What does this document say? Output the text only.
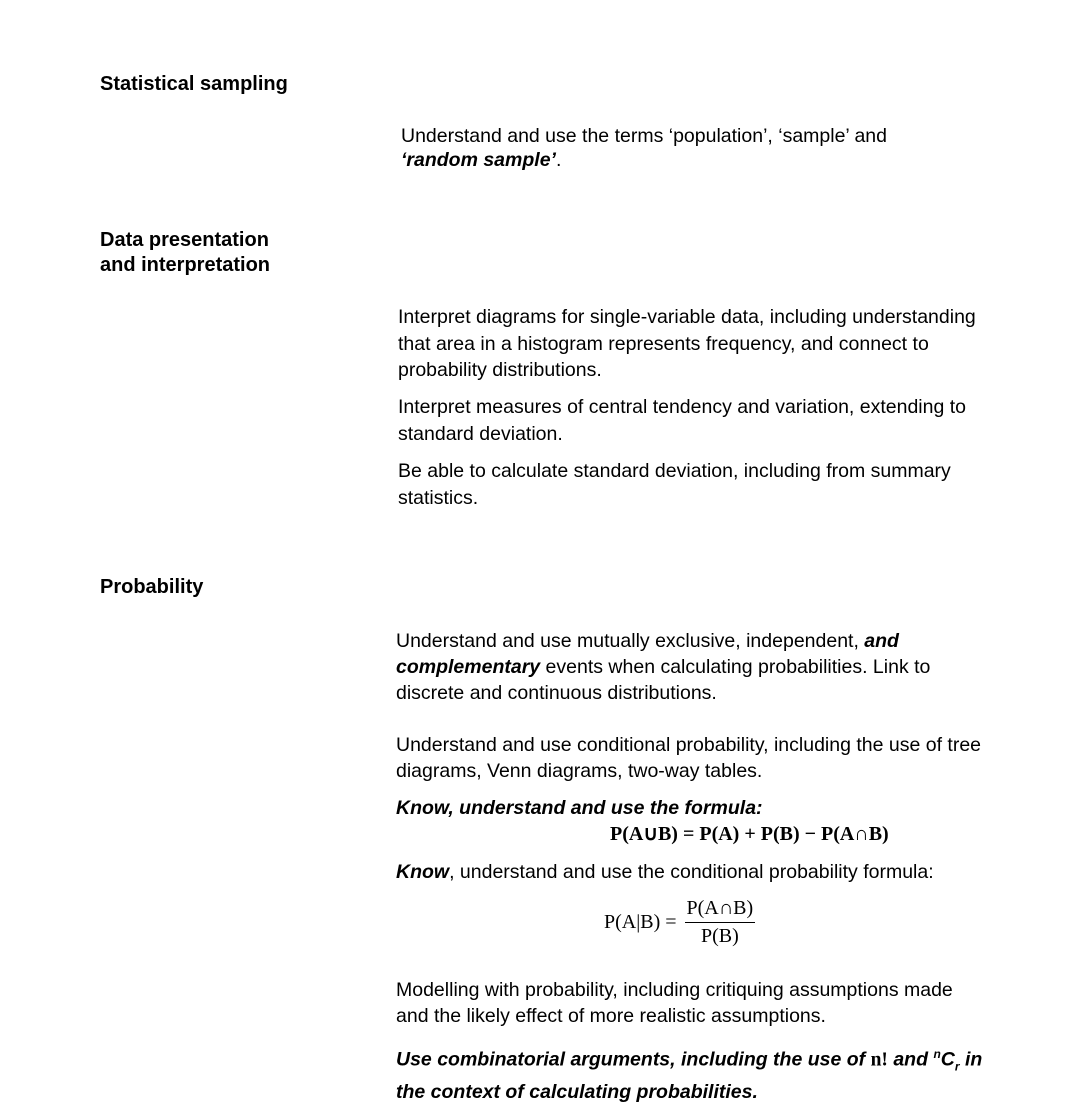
Statistical sampling

Understand and use the terms ‘population’, ‘sample’ and ‘random sample’.

Data presentation
and interpretation

Interpret diagrams for single-variable data, including understanding that area in a histogram represents frequency, and connect to probability distributions.

Interpret measures of central tendency and variation, extending to standard deviation.

Be able to calculate standard deviation, including from summary statistics.

Probability

Understand and use mutually exclusive, independent, and complementary events when calculating probabilities. Link to discrete and continuous distributions.

Understand and use conditional probability, including the use of tree diagrams, Venn diagrams, two-way tables.

Know, understand and use the formula:

P(A∪B) = P(A) + P(B) − P(A∩B)

Know, understand and use the conditional probability formula:

$P(A|B) = \frac{P(A\cap B)}{P(B)}$

Modelling with probability, including critiquing assumptions made and the likely effect of more realistic assumptions.

Use combinatorial arguments, including the use of n! and $^nC_r$ in the context of calculating probabilities.
